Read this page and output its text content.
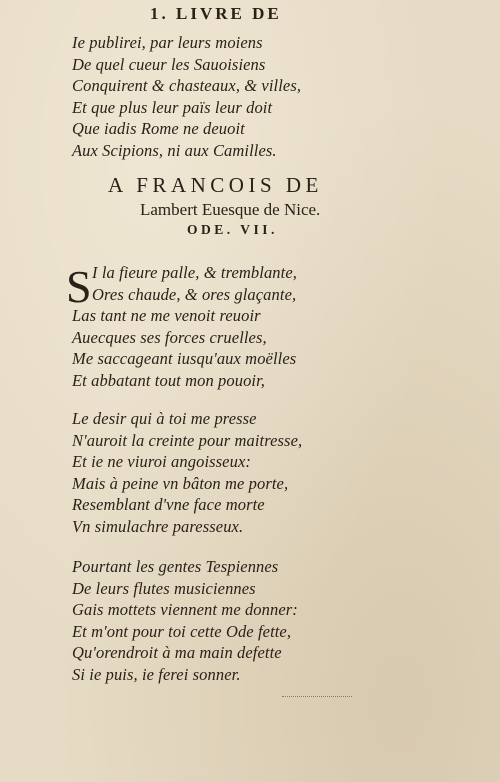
1. LIVRE DE
Ie publirei, par leurs moiens
De quel cueur les Sauoisiens
Conquirent & chasteaux, & villes,
Et que plus leur païs leur doit
Que iadis Rome ne deuoit
Aux Scipions, ni aux Camilles.
A FRANCOIS DE
Lambert Euesque de Nice.
ODE. VII.
S I la fieure palle, & tremblante,
Ores chaude, & ores glaçante,
Las tant ne me venoit reuoir
Auecques ses forces cruelles,
Me saccageant iusqu'aux moëlles
Et abbatant tout mon pouoir,
Le desir qui à toi me presse
N'auroit la creinte pour maitresse,
Et ie ne viuroi angoisseux:
Mais à peine vn bâton me porte,
Resemblant d'vne face morte
Vn simulachre paresseux.
Pourtant les gentes Tespiennes
De leurs flutes musiciennes
Gais mottets viennent me donner:
Et m'ont pour toi cette Ode fette,
Qu'orendroit à ma main defette
Si ie puis, ie ferei sonner.
